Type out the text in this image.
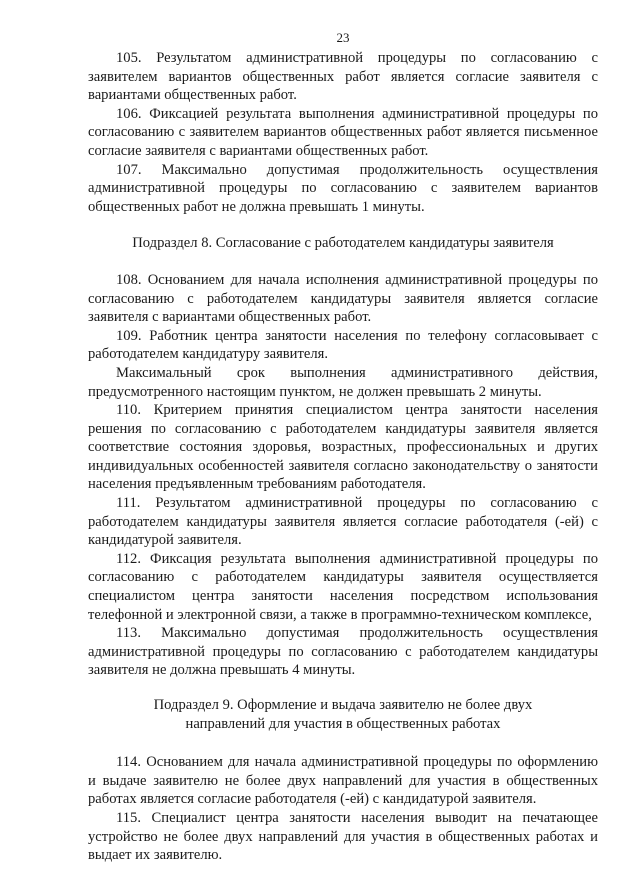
23

105. Результатом административной процедуры по согласованию с заявителем вариантов общественных работ является согласие заявителя с вариантами общественных работ.

106. Фиксацией результата выполнения административной процедуры по согласованию с заявителем вариантов общественных работ является письменное согласие заявителя с вариантами общественных работ.

107. Максимально допустимая продолжительность осуществления административной процедуры по согласованию с заявителем вариантов общественных работ не должна превышать 1 минуты.

Подраздел 8. Согласование с работодателем кандидатуры заявителя

108. Основанием для начала исполнения административной процедуры по согласованию с работодателем кандидатуры заявителя является согласие заявителя с вариантами общественных работ.

109. Работник центра занятости населения по телефону согласовывает с работодателем кандидатуру заявителя.

Максимальный срок выполнения административного действия, предусмотренного настоящим пунктом, не должен превышать 2 минуты.

110. Критерием принятия специалистом центра занятости населения решения по согласованию с работодателем кандидатуры заявителя является соответствие состояния здоровья, возрастных, профессиональных и других индивидуальных особенностей заявителя согласно законодательству о занятости населения предъявленным требованиям работодателя.

111. Результатом административной процедуры по согласованию с работодателем кандидатуры заявителя является согласие работодателя (-ей) с кандидатурой заявителя.

112. Фиксация результата выполнения административной процедуры по согласованию с работодателем кандидатуры заявителя осуществляется специалистом центра занятости населения посредством использования телефонной и электронной связи, а также в программно-техническом комплексе,

113. Максимально допустимая продолжительность осуществления административной процедуры по согласованию с работодателем кандидатуры заявителя не должна превышать 4 минуты.

Подраздел 9. Оформление и выдача заявителю не более двух
направлений для участия в общественных работах

114. Основанием для начала административной процедуры по оформлению и выдаче заявителю не более двух направлений для участия в общественных работах является согласие работодателя (-ей) с кандидатурой заявителя.

115. Специалист центра занятости населения выводит на печатающее устройство не более двух направлений для участия в общественных работах и выдает их заявителю.
